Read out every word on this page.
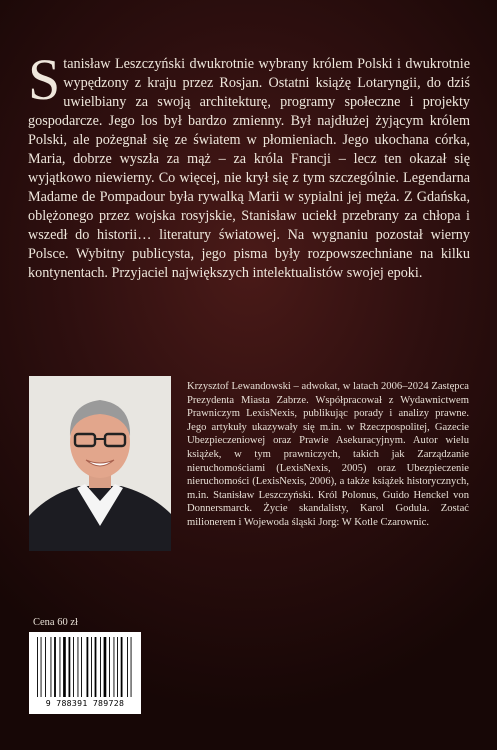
Stanisław Leszczyński dwukrotnie wybrany królem Polski i dwukrotnie wypędzony z kraju przez Rosjan. Ostatni książę Lotaryngii, do dziś uwielbiany za swoją architekturę, programy społeczne i projekty gospodarcze. Jego los był bardzo zmienny. Był najdłużej żyjącym królem Polski, ale pożegnał się ze światem w płomieniach. Jego ukochana córka, Maria, dobrze wyszła za mąż – za króla Francji – lecz ten okazał się wyjątkowo niewierny. Co więcej, nie krył się z tym szczególnie. Legendarna Madame de Pompadour była rywalką Marii w sypialni jej męża. Z Gdańska, oblężonego przez wojska rosyjskie, Stanisław uciekł przebrany za chłopa i wszedł do historii… literatury światowej. Na wygnaniu pozostał wierny Polsce. Wybitny publicysta, jego pisma były rozpowszechniane na kilku kontynentach. Przyjaciel największych intelektualistów swojej epoki.

Krzysztof Lewandowski – adwokat, w latach 2006–2024 Zastępca Prezydenta Miasta Zabrze. Współpracował z Wydawnictwem Prawniczym LexisNexis, publikując porady i analizy prawne. Jego artykuły ukazywały się m.in. w Rzeczpospolitej, Gazecie Ubezpieczeniowej oraz Prawie Asekuracyjnym. Autor wielu książek, w tym prawniczych, takich jak Zarządzanie nieruchomościami (LexisNexis, 2005) oraz Ubezpieczenie nieruchomości (LexisNexis, 2006), a także książek historycznych, m.in. Stanisław Leszczyński. Król Polonus, Guido Henckel von Donnersmarck. Życie skandalisty, Karol Godula. Zostać milionerem i Wojewoda śląski Jorg: W Kotle Czarownic.

Cena 60 zł
9 788391 789728
